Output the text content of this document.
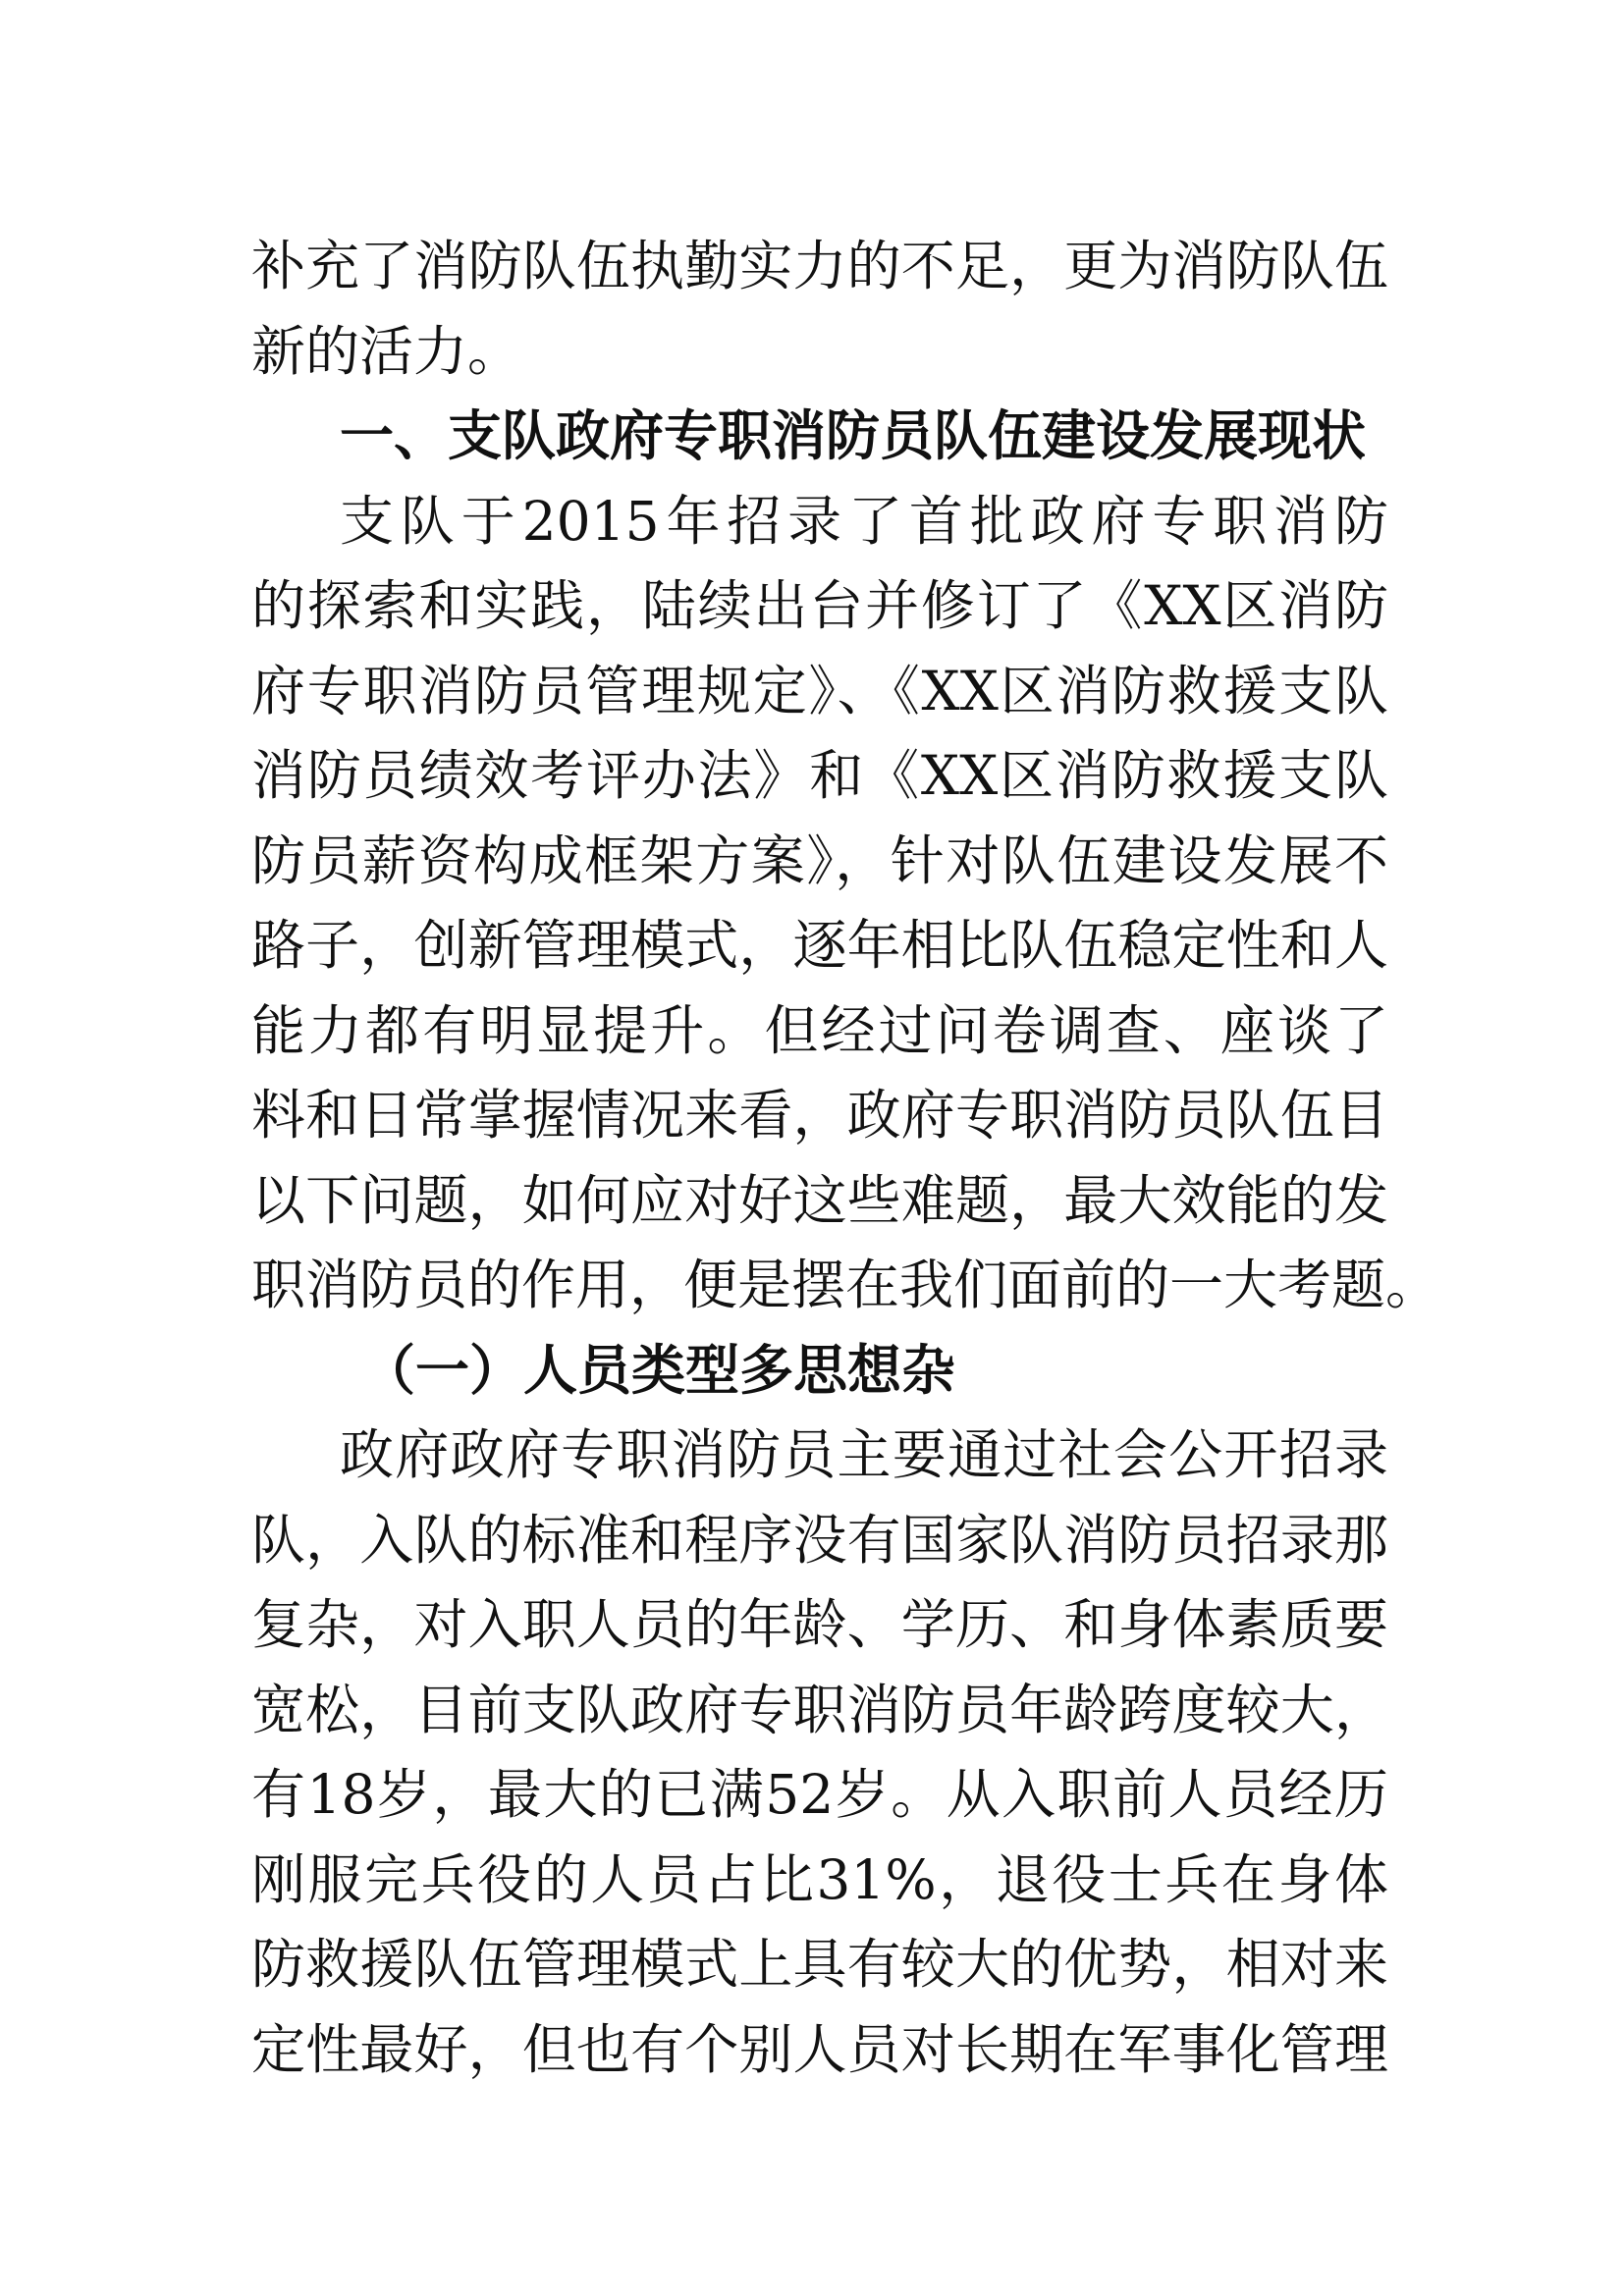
补充了消防队伍执勤实力的不足，更为消防队伍
新的活力。
一、支队政府专职消防员队伍建设发展现状
支队于2015年招录了首批政府专职消防
的探索和实践，陆续出台并修订了《XX区消防
府专职消防员管理规定》、《XX区消防救援支队
消防员绩效考评办法》和《XX区消防救援支队
防员薪资构成框架方案》，针对队伍建设发展不
路子，创新管理模式，逐年相比队伍稳定性和人
能力都有明显提升。但经过问卷调查、座谈了
料和日常掌握情况来看，政府专职消防员队伍目
以下问题，如何应对好这些难题，最大效能的发
职消防员的作用，便是摆在我们面前的一大考题。
（一）人员类型多思想杂
政府政府专职消防员主要通过社会公开招录
队，入队的标准和程序没有国家队消防员招录那
复杂，对入职人员的年龄、学历、和身体素质要
宽松，目前支队政府专职消防员年龄跨度较大，
有18岁，最大的已满52岁。从入职前人员经历
刚服完兵役的人员占比31%，退役士兵在身体
防救援队伍管理模式上具有较大的优势，相对来
定性最好，但也有个别人员对长期在军事化管理
